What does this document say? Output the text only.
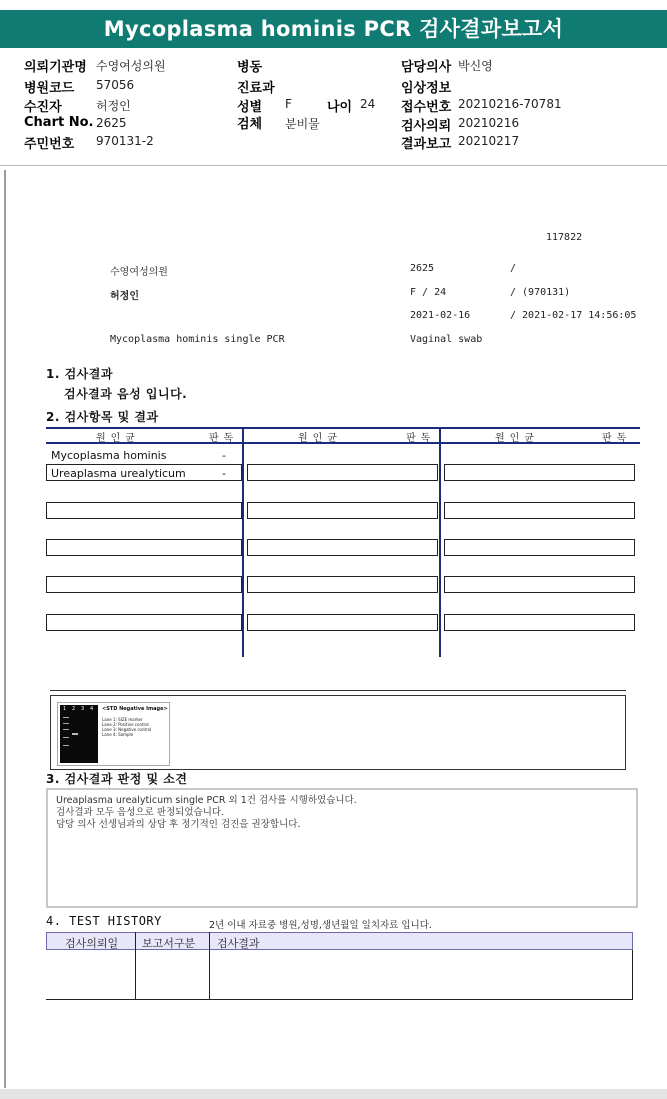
Mycoplasma hominis PCR 검사결과보고서
의뢰기관명 수영여성의원	병동	담당의사 박신영
병원코드 57056	진료과	임상정보
수진자	허정인	성별 F	나이 24 접수번호 20210216-70781
Chart No. 2625	검체 분비물	검사의뢰 20210216
주민번호 970131-2	결과보고 20210217
117822
수영여성의원	2625	/
허정인	F / 24	/ (970131)
2021-02-16	/ 2021-02-17 14:56:05
Mycoplasma hominis single PCR	Vaginal swab
1. 검사결과
검사결과 음성 입니다.
2. 검사항목 및 결과
원인균	판독	원인균	판독	원인균	판독
Mycoplasma hominis	-
Ureaplasma urealyticum	-
1 2 3 4 <STD Negative Image>
Lane 1: SIZE marker
Lane 2: Positive control
Lane 3: Negative control
Lane 4: Sample
3. 검사결과 판정 및 소견
Ureaplasma urealyticum single PCR 외 1건 검사를 시행하였습니다.
검사결과 모두 음성으로 판정되었습니다.
담당 의사 선생님과의 상담 후 정기적인 검진을 권장합니다.
4. TEST HISTORY	2년 이내 자료중 병원,성명,생년월일 일치자료 입니다.
검사의뢰일 보고서구분 검사결과
